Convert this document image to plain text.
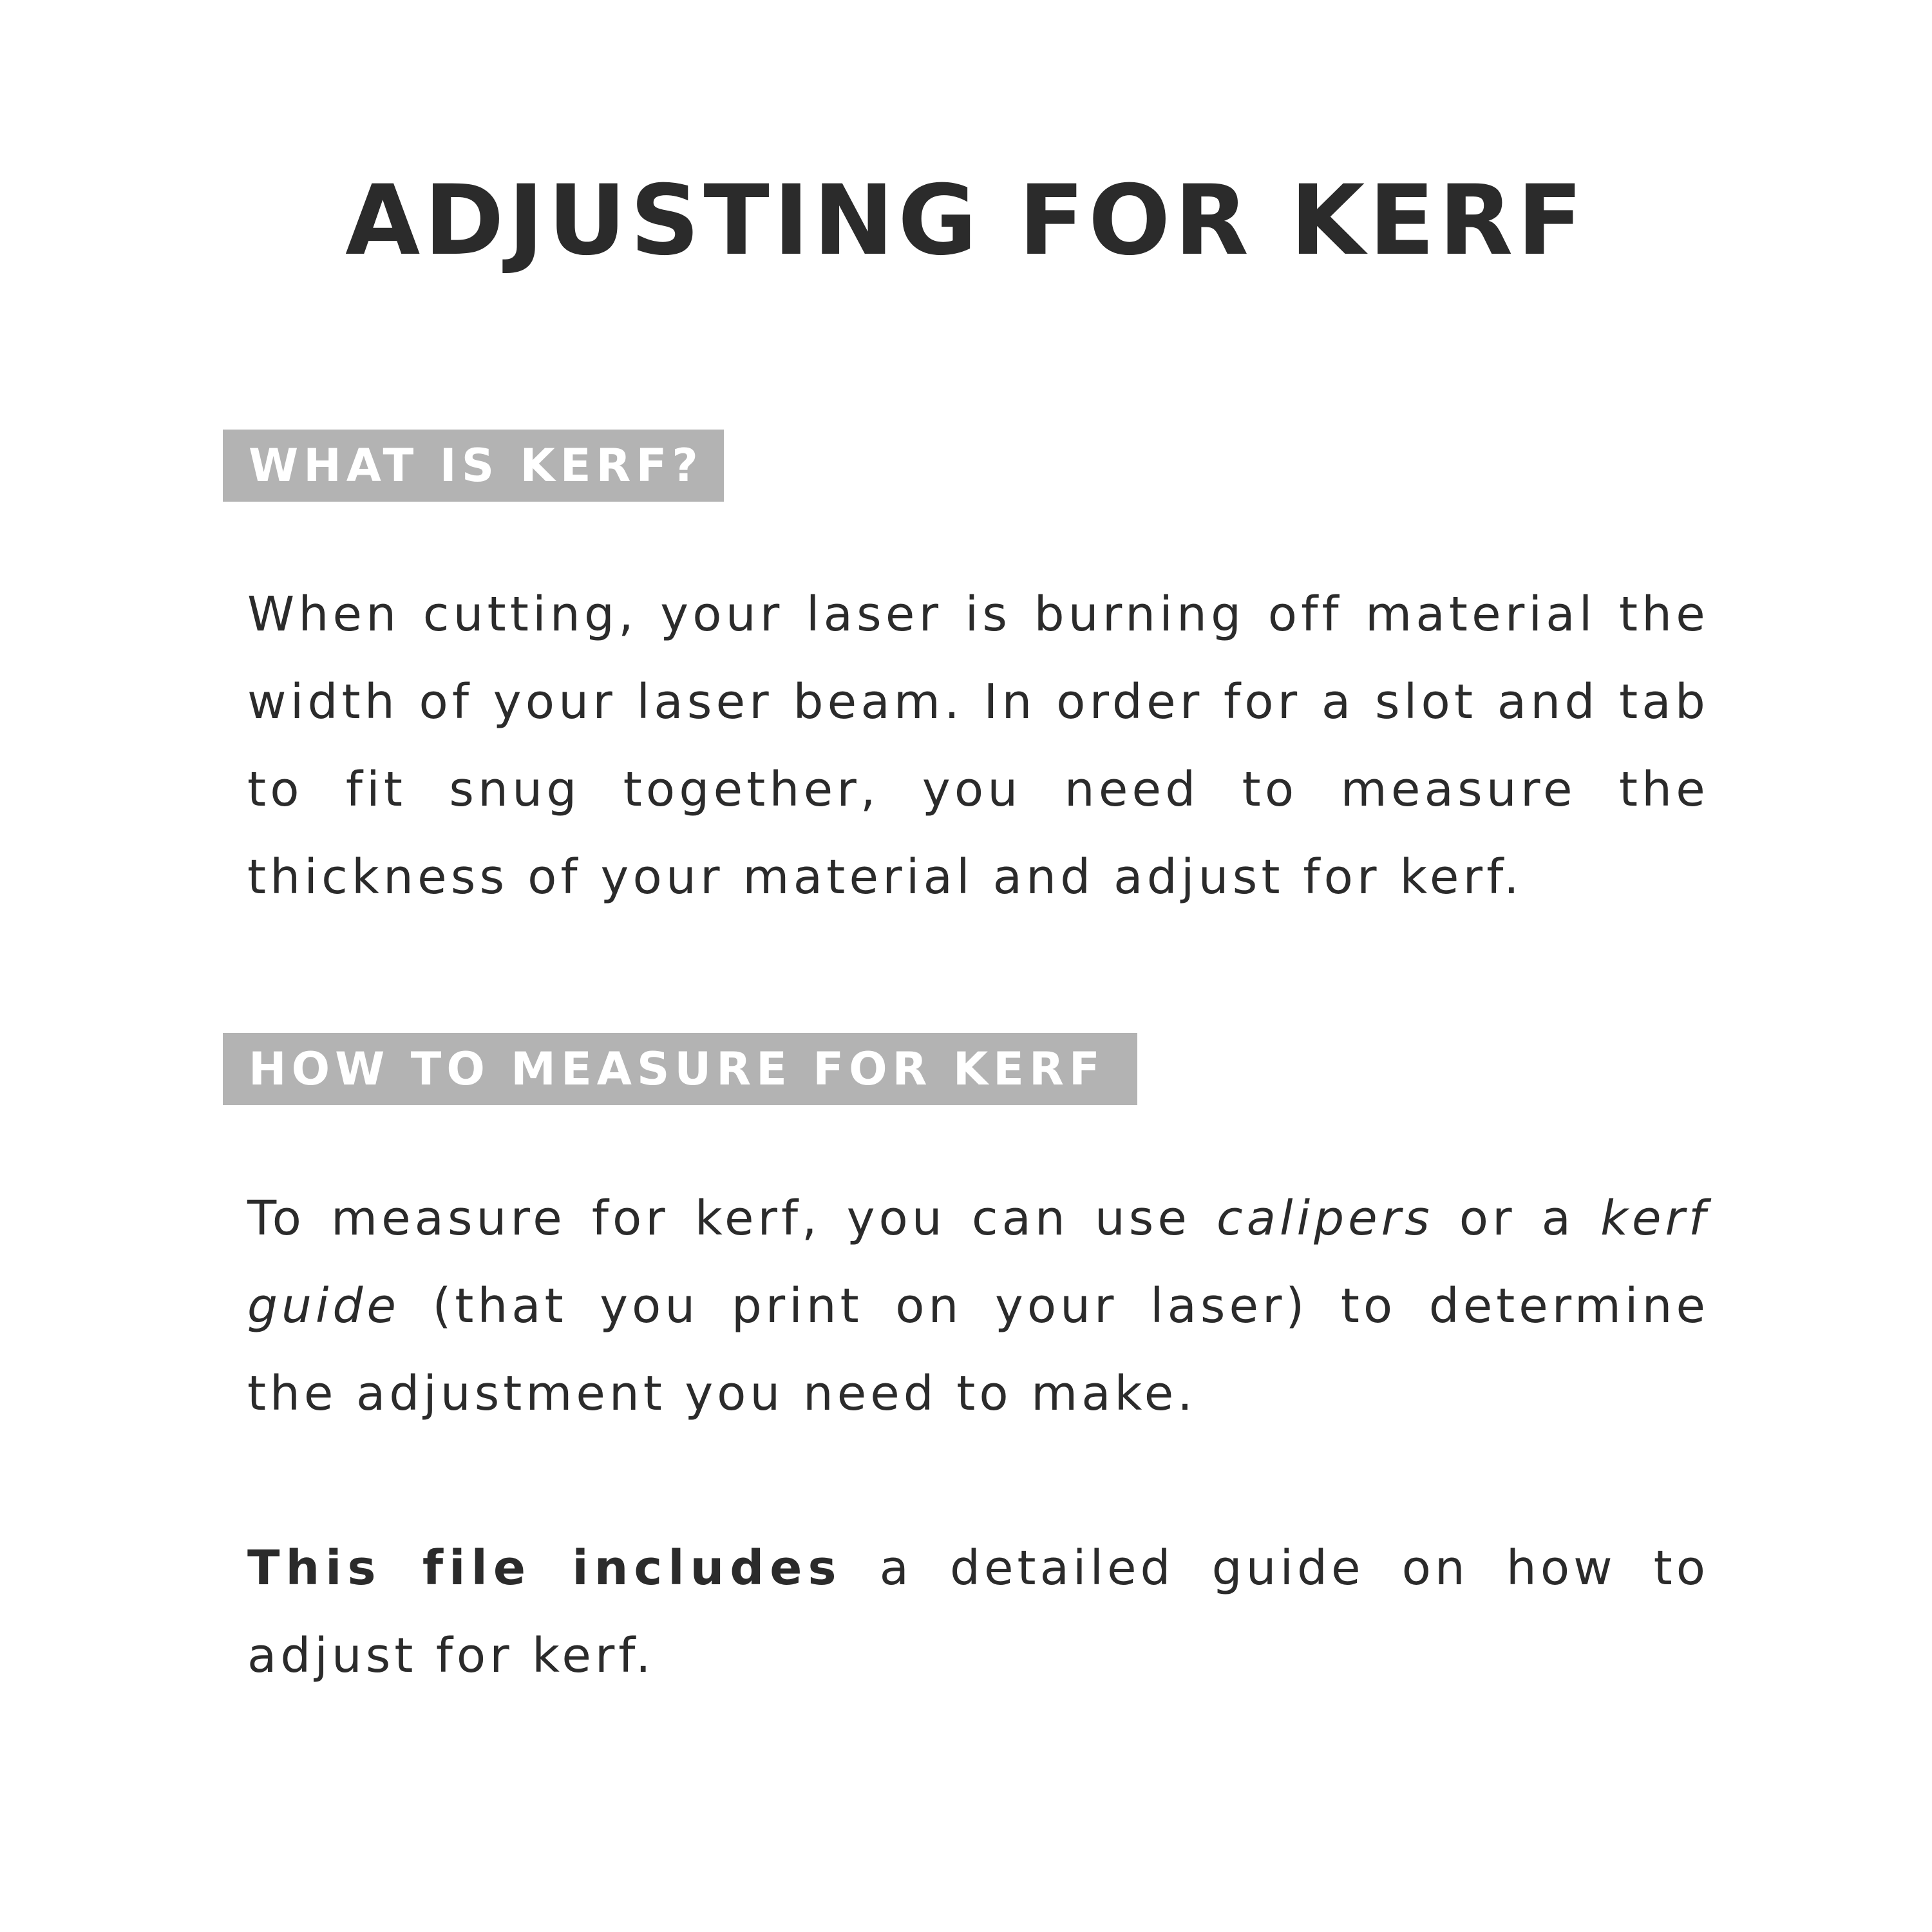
ADJUSTING FOR KERF
WHAT IS KERF?

When cutting, your laser is burning off material the width of your laser beam. In order for a slot and tab to fit snug together, you need to measure the thickness of your material and adjust for kerf.

HOW TO MEASURE FOR KERF

To measure for kerf, you can use calipers or a kerf guide (that you print on your laser) to determine the adjustment you need to make.

This file includes a detailed guide on how to adjust for kerf.
